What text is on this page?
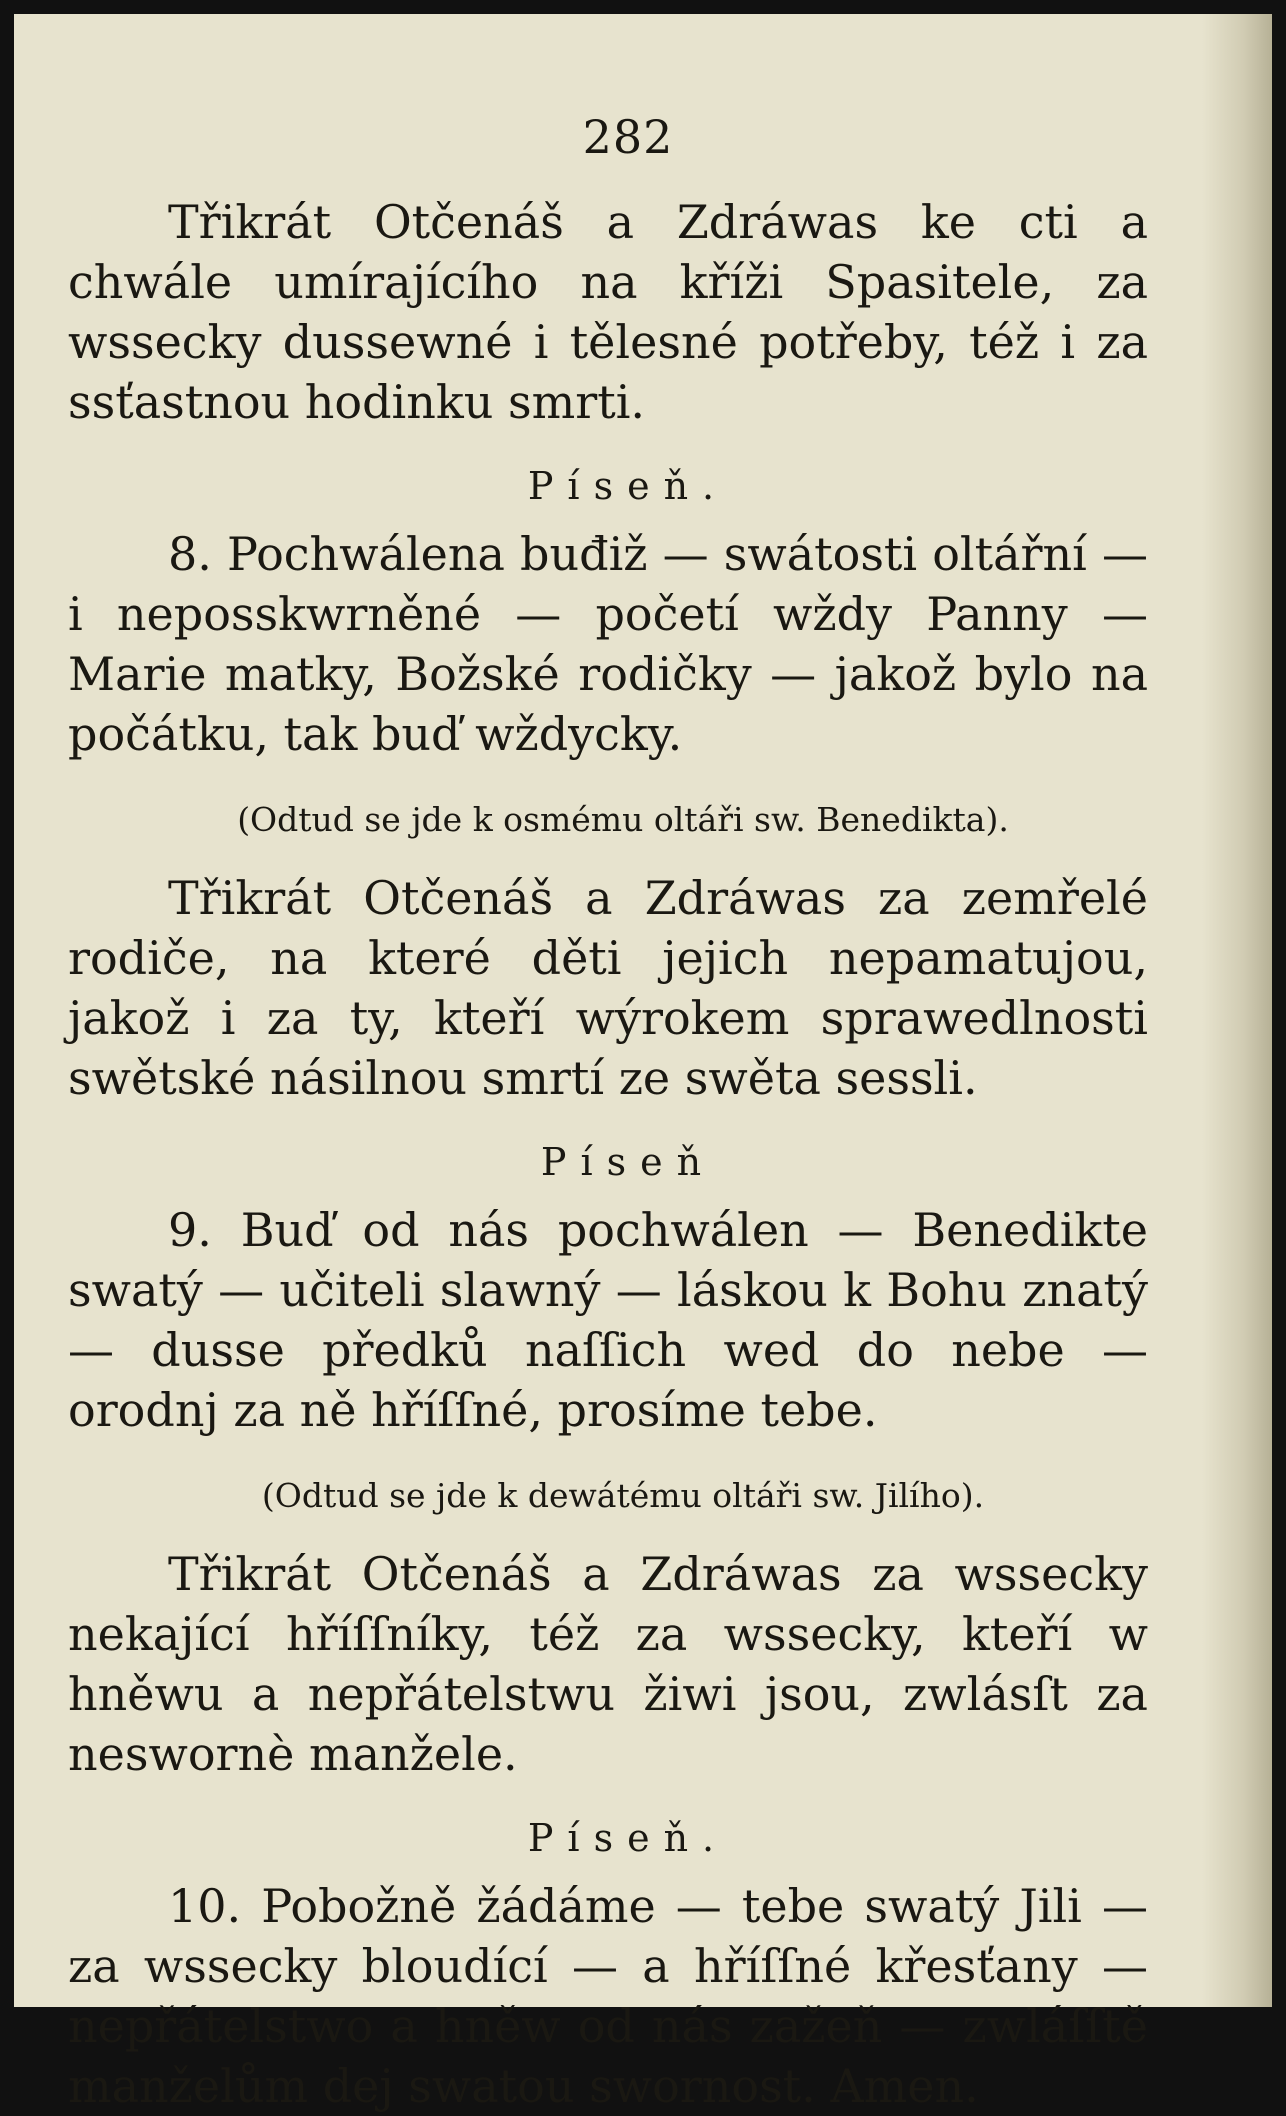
282

Třikrát Otčenáš a Zdráwas ke cti a chwále umírajícího na kříži Spasitele, za wssecky dussewné i tělesné potřeby, též i za ssťastnou hodinku smrti.

Píseň.

8. Pochwálena buđiž — swátosti oltářní — i neposskwrněné — početí wždy Panny — Marie matky, Božské rodičky — jakož bylo na počátku, tak buď wždycky.

(Odtud se jde k osmému oltáři sw. Benedikta).

Třikrát Otčenáš a Zdráwas za zemřelé rodiče, na které děti jejich nepamatujou, jakož i za ty, kteří wýrokem sprawedlnosti swětské násilnou smrtí ze swěta sessli.

Píseň

9. Buď od nás pochwálen — Benedikte swatý — učiteli slawný — láskou k Bohu znatý — dusse předků naſſich wed do nebe — orodnj za ně hříſſné, prosíme tebe.

(Odtud se jde k dewátému oltáři sw. Jilího).

Třikrát Otčenáš a Zdráwas za wssecky nekající hříſſníky, též za wssecky, kteří w hněwu a nepřátelstwu žiwi jsou, zwlásſt za neswornè manžele.

Píseň.

10. Pobožně žádáme — tebe swatý Jili — za wssecky bloudící — a hříſſné křesťany — nepřátelstwo a hněw od nás zažeň — zwláſſtě manželům dej swatou swornost. Amen.
